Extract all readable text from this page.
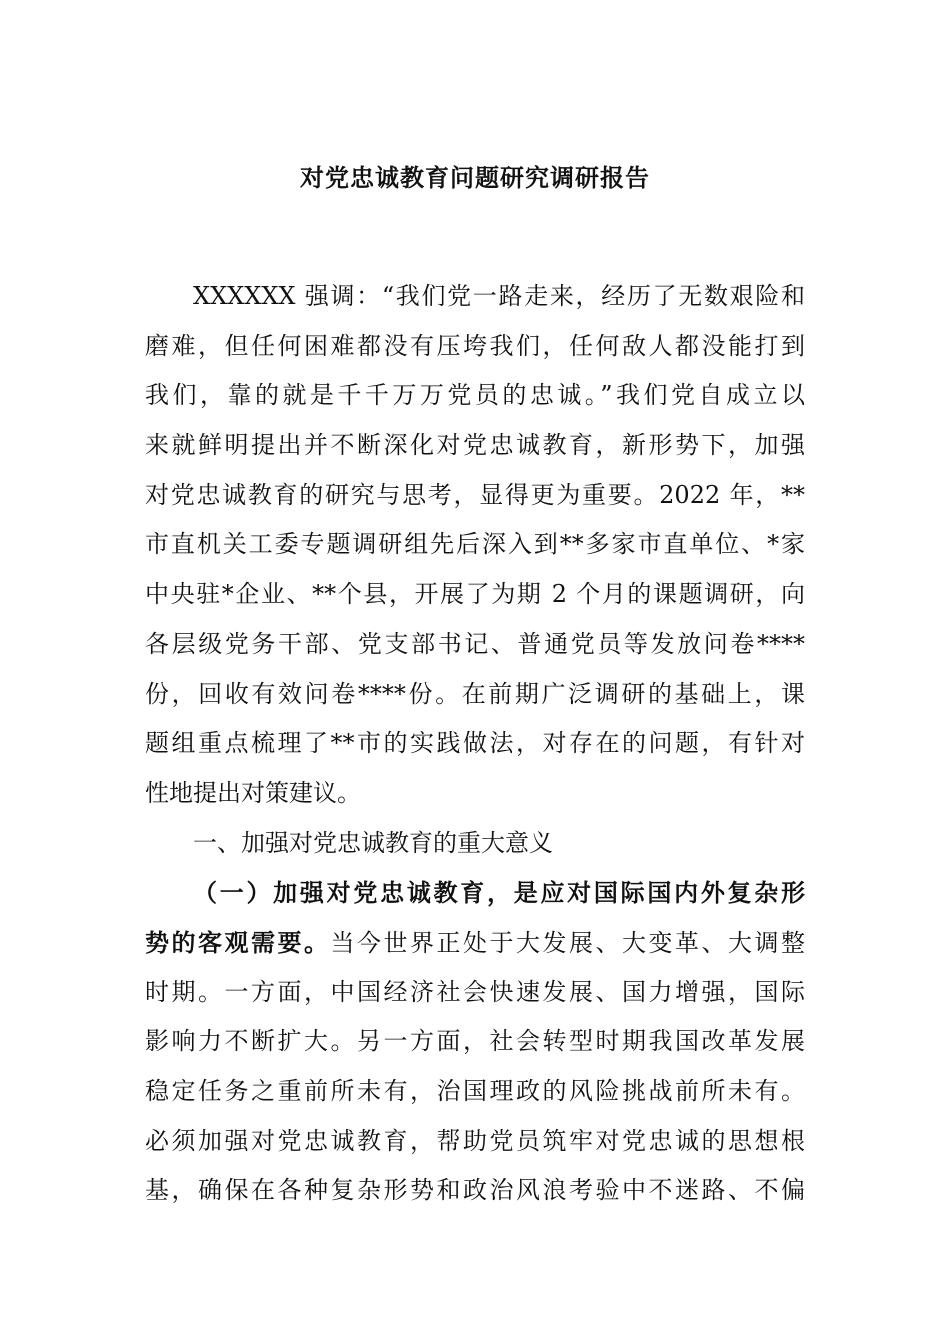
对党忠诚教育问题研究调研报告
XXXXXX 强调：“我们党一路走来，经历了无数艰险和
磨难，但任何困难都没有压垮我们，任何敌人都没能打到
我们，靠的就是千千万万党员的忠诚。”我们党自成立以
来就鲜明提出并不断深化对党忠诚教育，新形势下，加强
对党忠诚教育的研究与思考，显得更为重要。2022 年，**
市直机关工委专题调研组先后深入到**多家市直单位、*家
中央驻*企业、**个县，开展了为期 2 个月的课题调研，向
各层级党务干部、党支部书记、普通党员等发放问卷****
份，回收有效问卷****份。在前期广泛调研的基础上，课
题组重点梳理了**市的实践做法，对存在的问题，有针对
性地提出对策建议。
一、加强对党忠诚教育的重大意义
（一）加强对党忠诚教育，是应对国际国内外复杂形
势的客观需要。当今世界正处于大发展、大变革、大调整
时期。一方面，中国经济社会快速发展、国力增强，国际
影响力不断扩大。另一方面，社会转型时期我国改革发展
稳定任务之重前所未有，治国理政的风险挑战前所未有。
必须加强对党忠诚教育，帮助党员筑牢对党忠诚的思想根
基，确保在各种复杂形势和政治风浪考验中不迷路、不偏
